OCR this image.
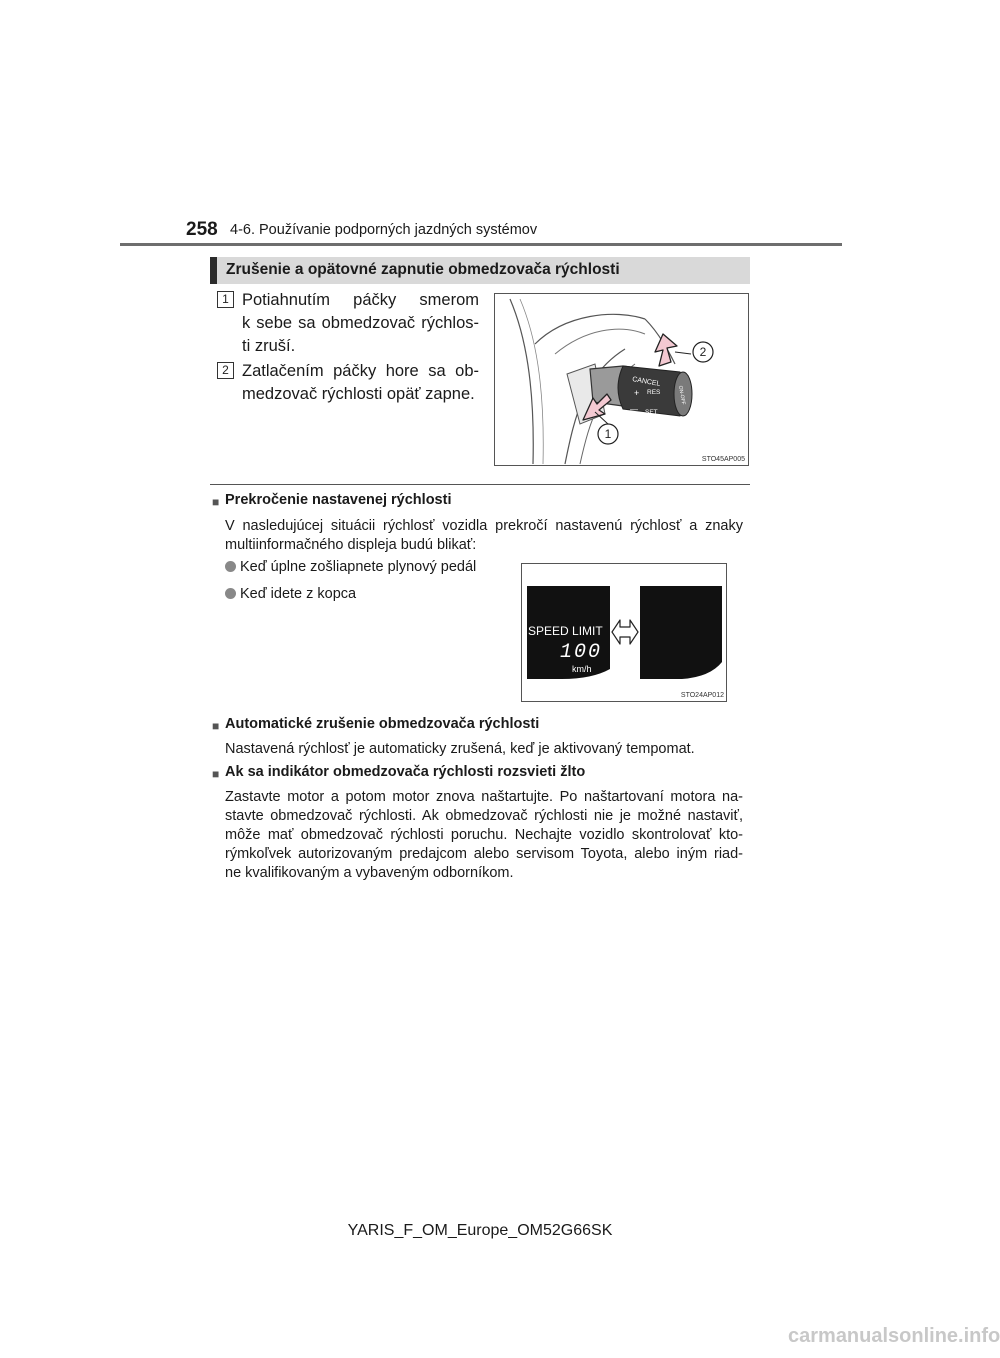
258 4-6. Používanie podporných jazdných systémov
Zrušenie a opätovné zapnutie obmedzovača rýchlosti
1 Potiahnutím páčky smerom
k sebe sa obmedzovač rýchlos-
ti zruší.
2 Zatlačením páčky hore sa ob-
medzovač rýchlosti opäť zapne.
CANCEL
RES
SET
+
—
ON-OFF
2
1
STO45AP005
■ Prekročenie nastavenej rýchlosti
V nasledujúcej situácii rýchlosť vozidla prekročí nastavenú rýchlosť a znaky
multiinformačného displeja budú blikať:
Keď úplne zošliapnete plynový pedál
Keď idete z kopca
SPEED LIMIT
100
km/h
STO24AP012
■ Automatické zrušenie obmedzovača rýchlosti
Nastavená rýchlosť je automaticky zrušená, keď je aktivovaný tempomat.
■ Ak sa indikátor obmedzovača rýchlosti rozsvieti žlto
Zastavte motor a potom motor znova naštartujte. Po naštartovaní motora na-
stavte obmedzovač rýchlosti. Ak obmedzovač rýchlosti nie je možné nastaviť,
môže mať obmedzovač rýchlosti poruchu. Nechajte vozidlo skontrolovať kto-
rýmkoľvek autorizovaným predajcom alebo servisom Toyota, alebo iným riad-
ne kvalifikovaným a vybaveným odborníkom.
YARIS_F_OM_Europe_OM52G66SK
carmanualsonline.info
